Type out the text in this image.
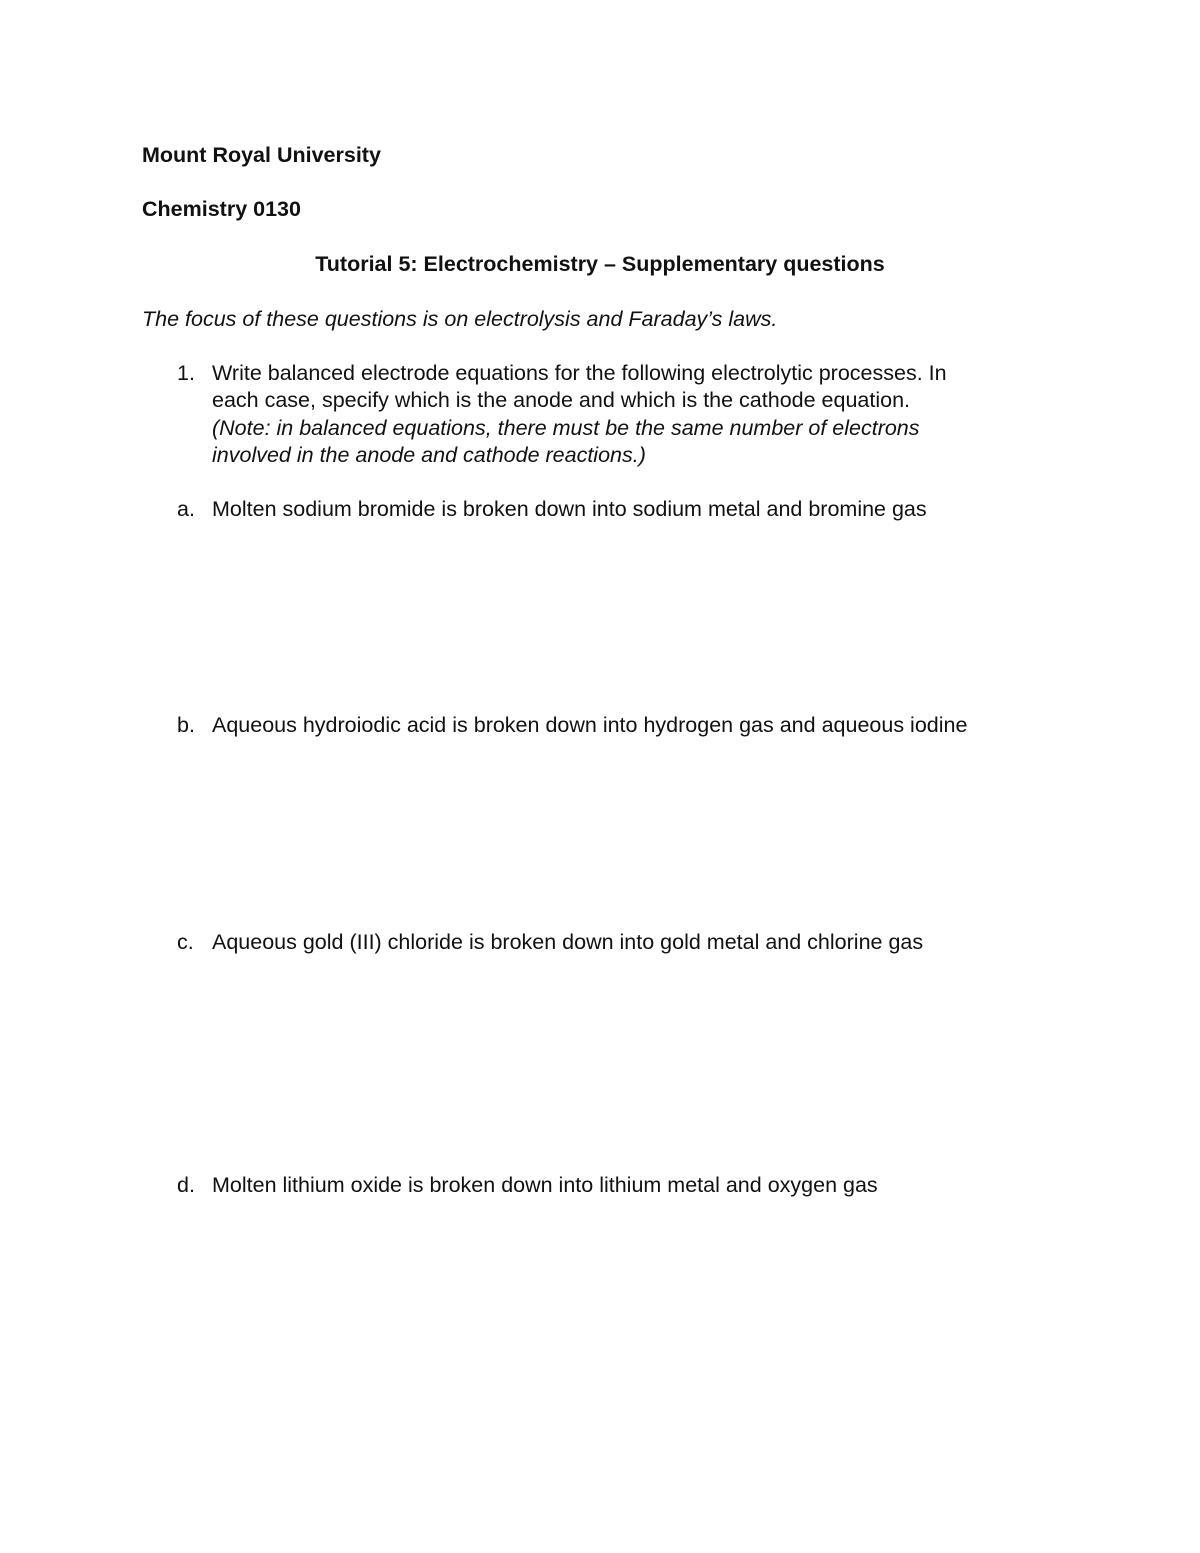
Mount Royal University
Chemistry 0130
Tutorial 5: Electrochemistry – Supplementary questions
The focus of these questions is on electrolysis and Faraday’s laws.
1. Write balanced electrode equations for the following electrolytic processes. In
each case, specify which is the anode and which is the cathode equation.
(Note: in balanced equations, there must be the same number of electrons
involved in the anode and cathode reactions.)
a. Molten sodium bromide is broken down into sodium metal and bromine gas
b. Aqueous hydroiodic acid is broken down into hydrogen gas and aqueous iodine
c. Aqueous gold (III) chloride is broken down into gold metal and chlorine gas
d. Molten lithium oxide is broken down into lithium metal and oxygen gas
